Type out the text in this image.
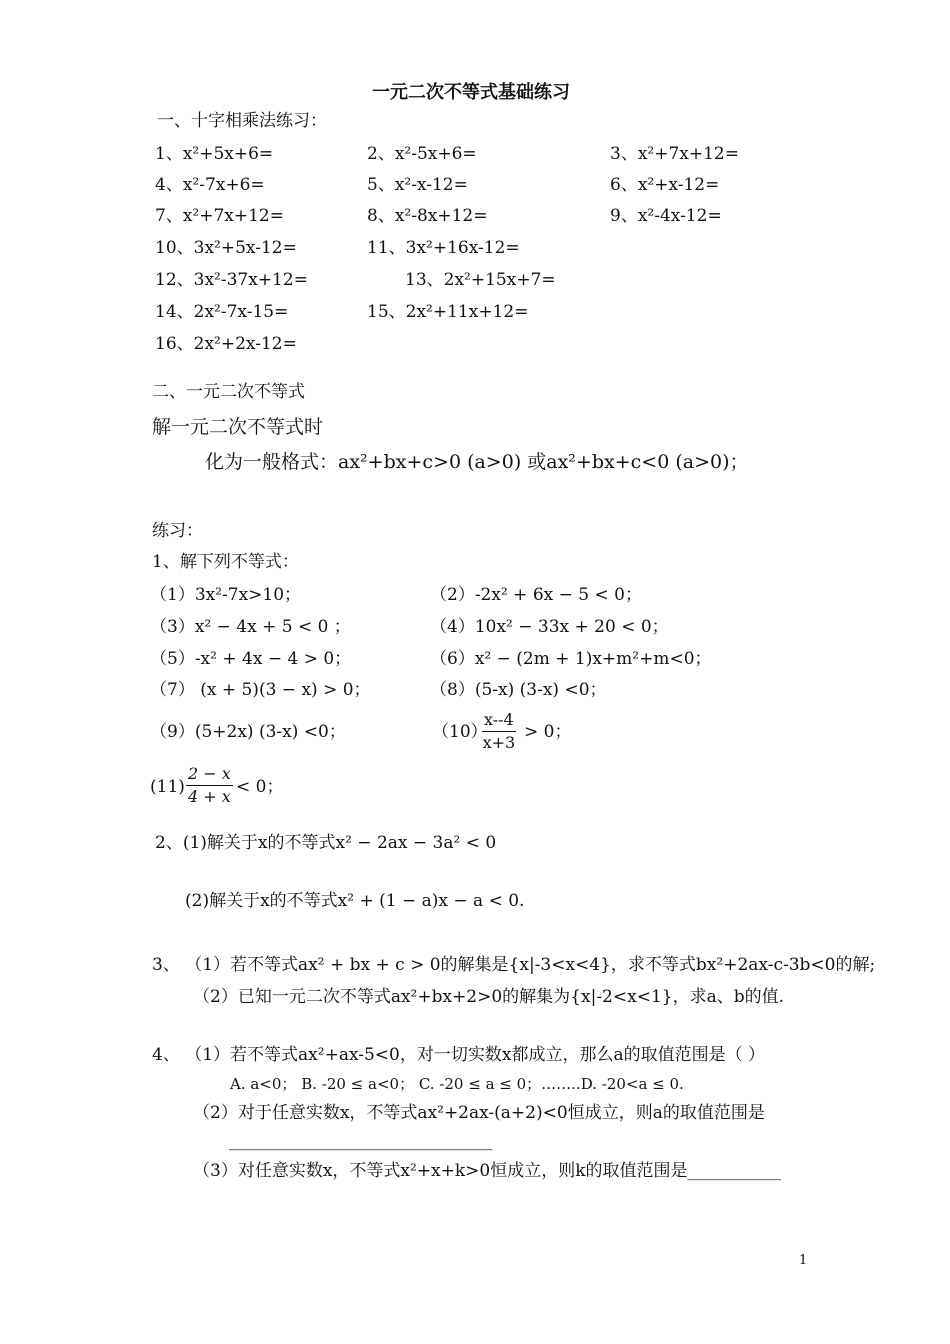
一元二次不等式基础练习
一、十字相乘法练习：
1、x²+5x+6=	2、x²-5x+6=	3、x²+7x+12=
4、x²-7x+6=	5、x²-x-12=	6、x²+x-12=
7、x²+7x+12=	8、x²-8x+12=	9、x²-4x-12=
10、3x²+5x-12=	11、3x²+16x-12=
12、3x²-37x+12=	13、2x²+15x+7=
14、2x²-7x-15=	15、2x²+11x+12=
16、2x²+2x-12=
二、一元二次不等式
解一元二次不等式时
化为一般格式：ax²+bx+c>0 (a>0) 或ax²+bx+c<0 (a>0)；
练习：
1、解下列不等式：
（1）3x²-7x>10；	（2）-2x² + 6x − 5 < 0；
（3）x² − 4x + 5 < 0 ；	（4）10x² − 33x + 20 < 0；
（5）-x² + 4x − 4 > 0；	（6）x² − (2m + 1)x+m²+m<0；
（7） (x + 5)(3 − x) > 0；	（8）(5-x) (3-x) <0；
（9）(5+2x) (3-x) <0；	（10）
$\frac{x--4}{x+3} > 0$；
$(11) \frac{2 - x}{4 + x} < 0$；
2、(1)解关于x的不等式x² − 2ax − 3a² < 0
(2)解关于x的不等式x² + (1 − a)x − a < 0.
3、 （1）若不等式ax² + bx + c > 0的解集是{x|-3<x<4}，求不等式bx²+2ax-c-3b<0的解;
（2）已知一元二次不等式ax²+bx+2>0的解集为{x|-2<x<1}，求a、b的值.
4、 （1）若不等式ax²+ax-5<0，对一切实数x都成立，那么a的取值范围是（ ）
A. a<0； B. -20 ≤ a<0； C. -20 ≤ a ≤ 0；……..D. -20<a ≤ 0.
（2）对于任意实数x，不等式ax²+2ax-(a+2)<0恒成立，则a的取值范围是
_______________________________
（3）对任意实数x，不等式x²+x+k>0恒成立，则k的取值范围是___________
1
